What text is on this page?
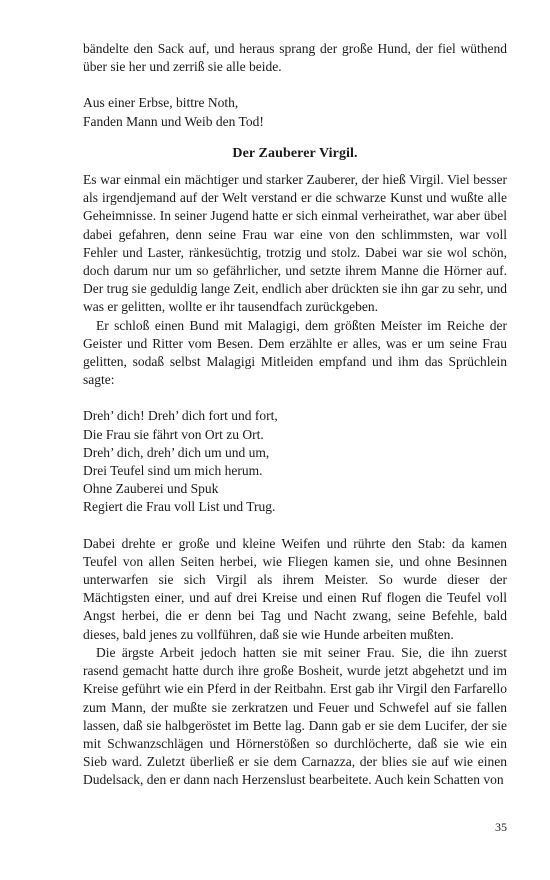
bändelte den Sack auf, und heraus sprang der große Hund, der fiel wüthend über sie her und zerriß sie alle beide.

Aus einer Erbse, bittre Noth,
Fanden Mann und Weib den Tod!
Der Zauberer Virgil.

Es war einmal ein mächtiger und starker Zauberer, der hieß Virgil. Viel besser als irgendjemand auf der Welt verstand er die schwarze Kunst und wußte alle Geheimnisse. In seiner Jugend hatte er sich einmal verheirathet, war aber übel dabei gefahren, denn seine Frau war eine von den schlimmsten, war voll Fehler und Laster, ränkesüchtig, trotzig und stolz. Dabei war sie wol schön, doch darum nur um so gefährlicher, und setzte ihrem Manne die Hörner auf. Der trug sie geduldig lange Zeit, endlich aber drückten sie ihn gar zu sehr, und was er gelitten, wollte er ihr tausendfach zurückgeben.

Er schloß einen Bund mit Malagigi, dem größten Meister im Reiche der Geister und Ritter vom Besen. Dem erzählte er alles, was er um seine Frau gelitten, sodaß selbst Malagigi Mitleiden empfand und ihm das Sprüchlein sagte:

Dreh’ dich! Dreh’ dich fort und fort,
Die Frau sie fährt von Ort zu Ort.
Dreh’ dich, dreh’ dich um und um,
Drei Teufel sind um mich herum.
Ohne Zauberei und Spuk
Regiert die Frau voll List und Trug.

Dabei drehte er große und kleine Weifen und rührte den Stab: da kamen Teufel von allen Seiten herbei, wie Fliegen kamen sie, und ohne Besinnen unterwarfen sie sich Virgil als ihrem Meister. So wurde dieser der Mächtigsten einer, und auf drei Kreise und einen Ruf flogen die Teufel voll Angst herbei, die er denn bei Tag und Nacht zwang, seine Befehle, bald dieses, bald jenes zu vollführen, daß sie wie Hunde arbeiten mußten.

Die ärgste Arbeit jedoch hatten sie mit seiner Frau. Sie, die ihn zuerst rasend gemacht hatte durch ihre große Bosheit, wurde jetzt abgehetzt und im Kreise geführt wie ein Pferd in der Reitbahn. Erst gab ihr Virgil den Farfarello zum Mann, der mußte sie zerkratzen und Feuer und Schwefel auf sie fallen lassen, daß sie halbgeröstet im Bette lag. Dann gab er sie dem Lucifer, der sie mit Schwanzschlägen und Hörnerstößen so durchlöcherte, daß sie wie ein Sieb ward. Zuletzt überließ er sie dem Carnazza, der blies sie auf wie einen Dudelsack, den er dann nach Herzenslust bearbeitete. Auch kein Schatten von

35
